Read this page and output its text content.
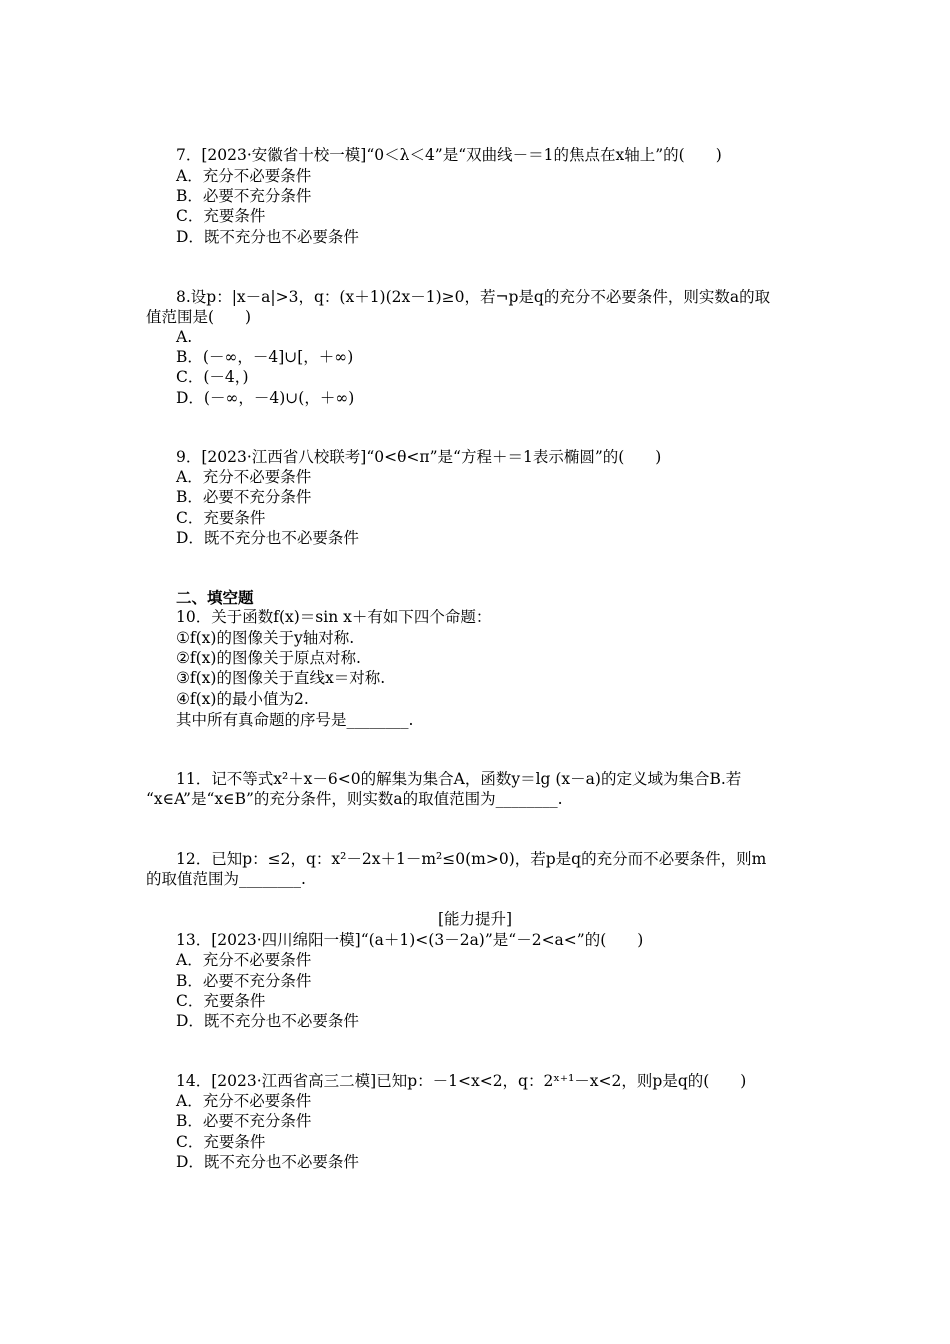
7．[2023·安徽省十校一模]“0＜λ＜4”是“双曲线－＝1的焦点在x轴上”的(　　)
A．充分不必要条件
B．必要不充分条件
C．充要条件
D．既不充分也不必要条件
8.设p：|x－a|>3，q：(x＋1)(2x－1)≥0，若¬p是q的充分不必要条件，则实数a的取
值范围是(　　)
A.
B．(－∞，－4]∪[，＋∞)
C．(－4，)
D．(－∞，－4)∪(，＋∞)
9．[2023·江西省八校联考]“0<θ<π”是“方程＋＝1表示椭圆”的(　　)
A．充分不必要条件
B．必要不充分条件
C．充要条件
D．既不充分也不必要条件
二、填空题
10．关于函数f(x)＝sin x＋有如下四个命题：
①f(x)的图像关于y轴对称.
②f(x)的图像关于原点对称.
③f(x)的图像关于直线x＝对称.
④f(x)的最小值为2.
其中所有真命题的序号是________.
11．记不等式x²＋x－6<0的解集为集合A，函数y＝lg (x－a)的定义域为集合B.若
“x∈A”是“x∈B”的充分条件，则实数a的取值范围为________.
12．已知p：≤2，q：x²－2x＋1－m²≤0(m>0)，若p是q的充分而不必要条件，则m
的取值范围为________.
[能力提升]
13．[2023·四川绵阳一模]“(a＋1)<(3－2a)”是“－2<a<”的(　　)
A．充分不必要条件
B．必要不充分条件
C．充要条件
D．既不充分也不必要条件
14．[2023·江西省高三二模]已知p：－1<x<2，q：2ˣ⁺¹－x<2，则p是q的(　　)
A．充分不必要条件
B．必要不充分条件
C．充要条件
D．既不充分也不必要条件
